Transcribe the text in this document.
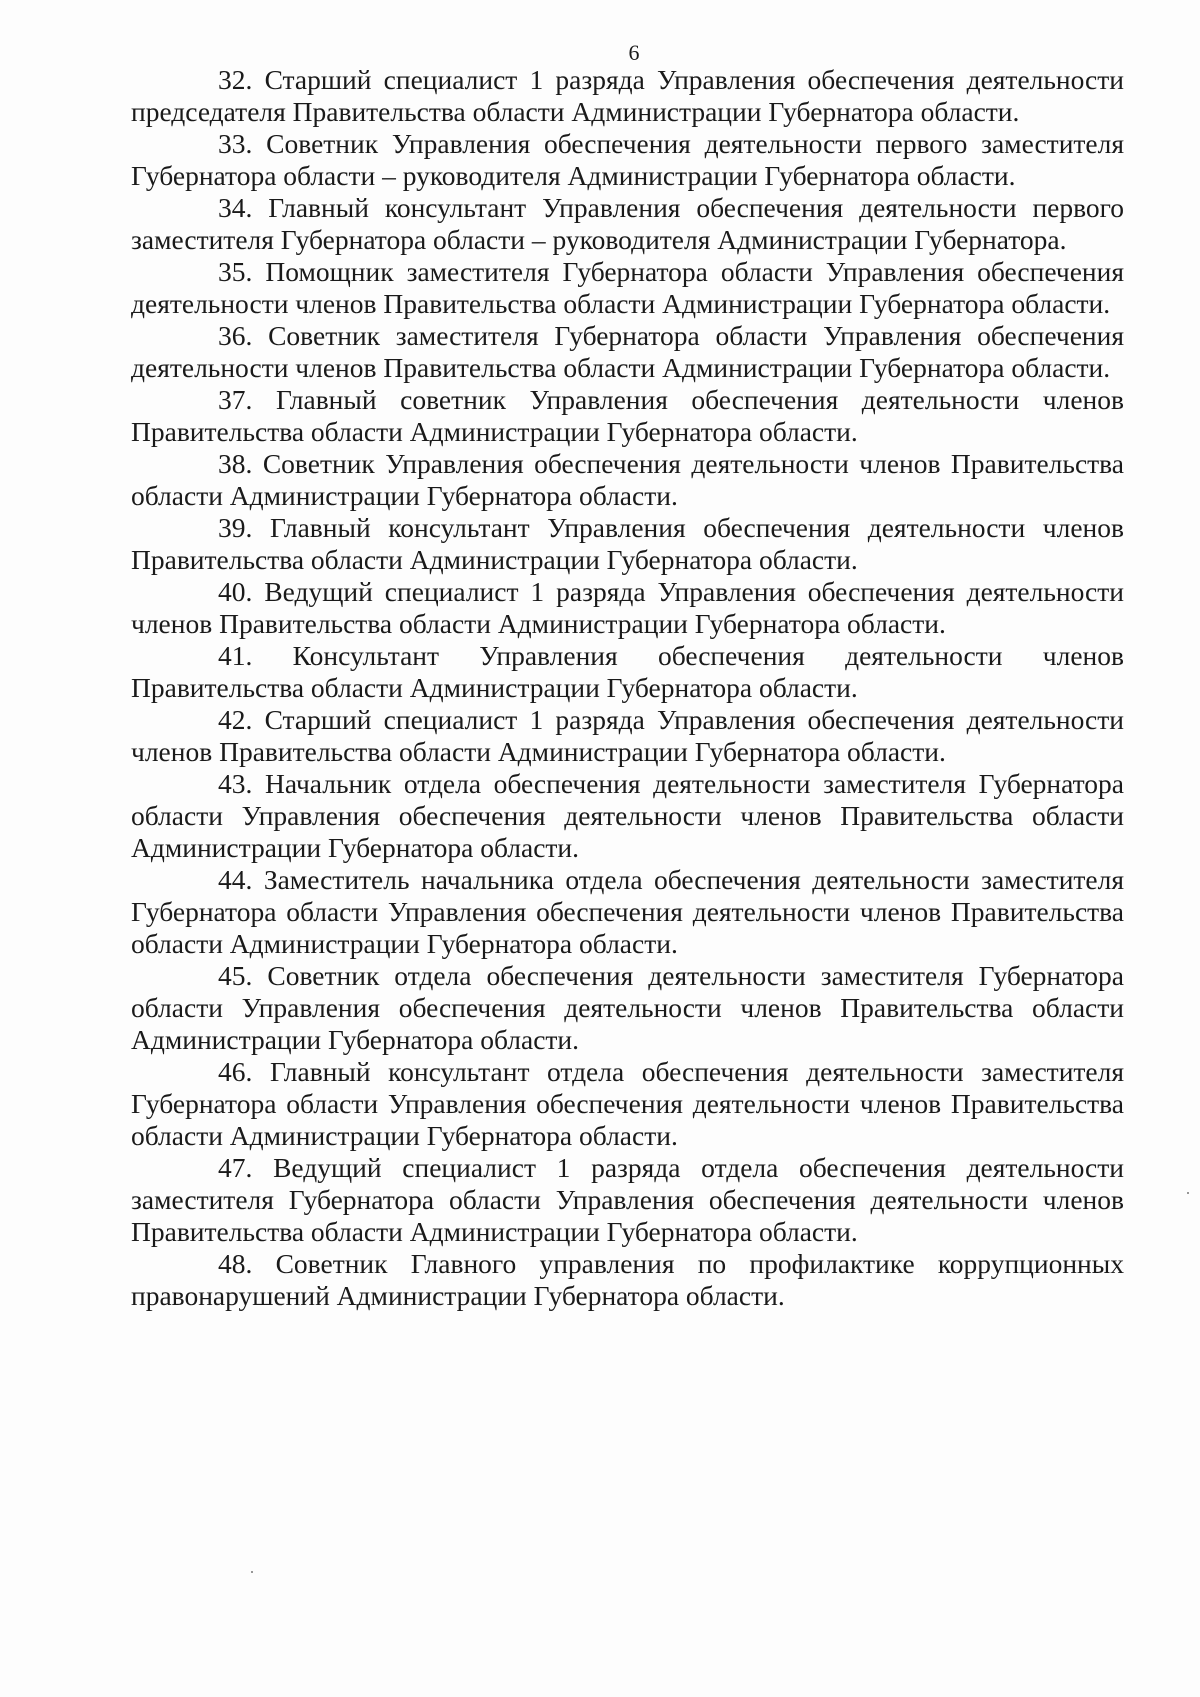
6

32. Старший специалист 1 разряда Управления обеспечения деятельности председателя Правительства области Администрации Губернатора области.

33. Советник Управления обеспечения деятельности первого заместителя Губернатора области – руководителя Администрации Губернатора области.

34. Главный консультант Управления обеспечения деятельности первого заместителя Губернатора области – руководителя Администрации Губернатора.

35. Помощник заместителя Губернатора области Управления обеспечения деятельности членов Правительства области Администрации Губернатора области.

36. Советник заместителя Губернатора области Управления обеспечения деятельности членов Правительства области Администрации Губернатора области.

37. Главный советник Управления обеспечения деятельности членов Правительства области Администрации Губернатора области.

38. Советник Управления обеспечения деятельности членов Правительства области Администрации Губернатора области.

39. Главный консультант Управления обеспечения деятельности членов Правительства области Администрации Губернатора области.

40. Ведущий специалист 1 разряда Управления обеспечения деятельности членов Правительства области Администрации Губернатора области.

41. Консультант Управления обеспечения деятельности членов Правительства области Администрации Губернатора области.

42. Старший специалист 1 разряда Управления обеспечения деятельности членов Правительства области Администрации Губернатора области.

43. Начальник отдела обеспечения деятельности заместителя Губернатора области Управления обеспечения деятельности членов Правительства области Администрации Губернатора области.

44. Заместитель начальника отдела обеспечения деятельности заместителя Губернатора области Управления обеспечения деятельности членов Правительства области Администрации Губернатора области.

45. Советник отдела обеспечения деятельности заместителя Губернатора области Управления обеспечения деятельности членов Правительства области Администрации Губернатора области.

46. Главный консультант отдела обеспечения деятельности заместителя Губернатора области Управления обеспечения деятельности членов Правительства области Администрации Губернатора области.

47. Ведущий специалист 1 разряда отдела обеспечения деятельности заместителя Губернатора области Управления обеспечения деятельности членов Правительства области Администрации Губернатора области.

48. Советник Главного управления по профилактике коррупционных правонарушений Администрации Губернатора области.
